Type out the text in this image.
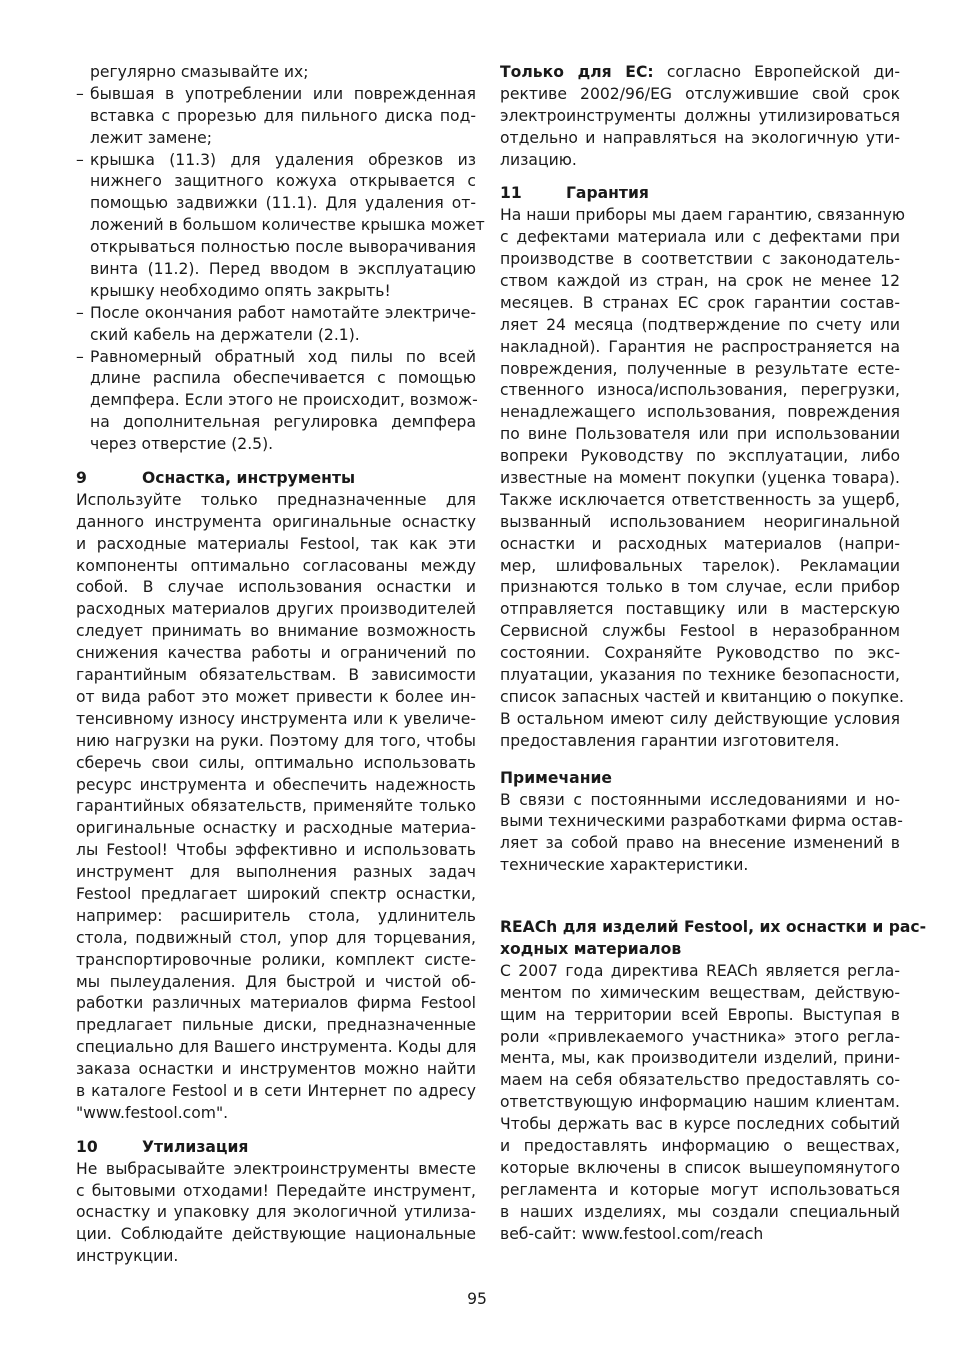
регулярно смазывайте их;
– бывшая в употреблении или поврежденная
вставка с прорезью для пильного диска под-
лежит замене;
– крышка (11.3) для удаления обрезков из
нижнего защитного кожуха открывается с
помощью задвижки (11.1). Для удаления от-
ложений в большом количестве крышка может
открываться полностью после выворачивания
винта (11.2). Перед вводом в эксплуатацию
крышку необходимо опять закрыть!
– После окончания работ намотайте электриче-
ский кабель на держатели (2.1).
– Равномерный обратный ход пилы по всей
длине распила обеспечивается с помощью
демпфера. Если этого не происходит, возмож-
на дополнительная регулировка демпфера
через отверстие (2.5).
9	Оснастка, инструменты
Используйте только предназначенные для
данного инструмента оригинальные оснастку
и расходные материалы Festool, так как эти
компоненты оптимально согласованы между
собой. В случае использования оснастки и
расходных материалов других производителей
следует принимать во внимание возможность
снижения качества работы и ограничений по
гарантийным обязательствам. В зависимости
от вида работ это может привести к более ин-
тенсивному износу инструмента или к увеличе-
нию нагрузки на руки. Поэтому для того, чтобы
сберечь свои силы, оптимально использовать
ресурс инструмента и обеспечить надежность
гарантийных обязательств, применяйте только
оригинальные оснастку и расходные материа-
лы Festool! Чтобы эффективно и использовать
инструмент для выполнения разных задач
Festool предлагает широкий спектр оснастки,
например: расширитель стола, удлинитель
стола, подвижный стол, упор для торцевания,
транспортировочные ролики, комплект систе-
мы пылеудаления. Для быстрой и чистой об-
работки различных материалов фирма Festool
предлагает пильные диски, предназначенные
специально для Вашего инструмента. Коды для
заказа оснастки и инструментов можно найти
в каталоге Festool и в сети Интернет по адресу
"www.festool.com".
10	Утилизация
Не выбрасывайте электроинструменты вместе
с бытовыми отходами! Передайте инструмент,
оснастку и упаковку для экологичной утилиза-
ции. Соблюдайте действующие национальные
инструкции.
Только для ЕС: согласно Европейской ди-
рективе 2002/96/EG отслужившие свой срок
электроинструменты должны утилизироваться
отдельно и направляться на экологичную ути-
лизацию.
11	Гарантия
На наши приборы мы даем гарантию, связанную
с дефектами материала или с дефектами при
производстве в соответствии с законодатель-
ством каждой из стран, на срок не менее 12
месяцев. В странах ЕС срок гарантии состав-
ляет 24 месяца (подтверждение по счету или
накладной). Гарантия не распространяется на
повреждения, полученные в результате есте-
ственного износа/использования, перегрузки,
ненадлежащего использования, повреждения
по вине Пользователя или при использовании
вопреки Руководству по эксплуатации, либо
известные на момент покупки (уценка товара).
Также исключается ответственность за ущерб,
вызванный использованием неоригинальной
оснастки и расходных материалов (напри-
мер, шлифовальных тарелок). Рекламации
признаются только в том случае, если прибор
отправляется поставщику или в мастерскую
Сервисной службы Festool в неразобранном
состоянии. Сохраняйте Руководство по экс-
плуатации, указания по технике безопасности,
список запасных частей и квитанцию о покупке.
В остальном имеют силу действующие условия
предоставления гарантии изготовителя.
Примечание
В связи с постоянными исследованиями и но-
выми техническими разработками фирма остав-
ляет за собой право на внесение изменений в
технические характеристики.
REACh для изделий Festool, их оснастки и рас-
ходных материалов
С 2007 года директива REACh является регла-
ментом по химическим веществам, действую-
щим на территории всей Европы. Выступая в
роли «привлекаемого участника» этого регла-
мента, мы, как производители изделий, прини-
маем на себя обязательство предоставлять со-
ответствующую информацию нашим клиентам.
Чтобы держать вас в курсе последних событий
и предоставлять информацию о веществах,
которые включены в список вышеупомянутого
регламента и которые могут использоваться
в наших изделиях, мы создали специальный
веб-сайт: www.festool.com/reach
95
